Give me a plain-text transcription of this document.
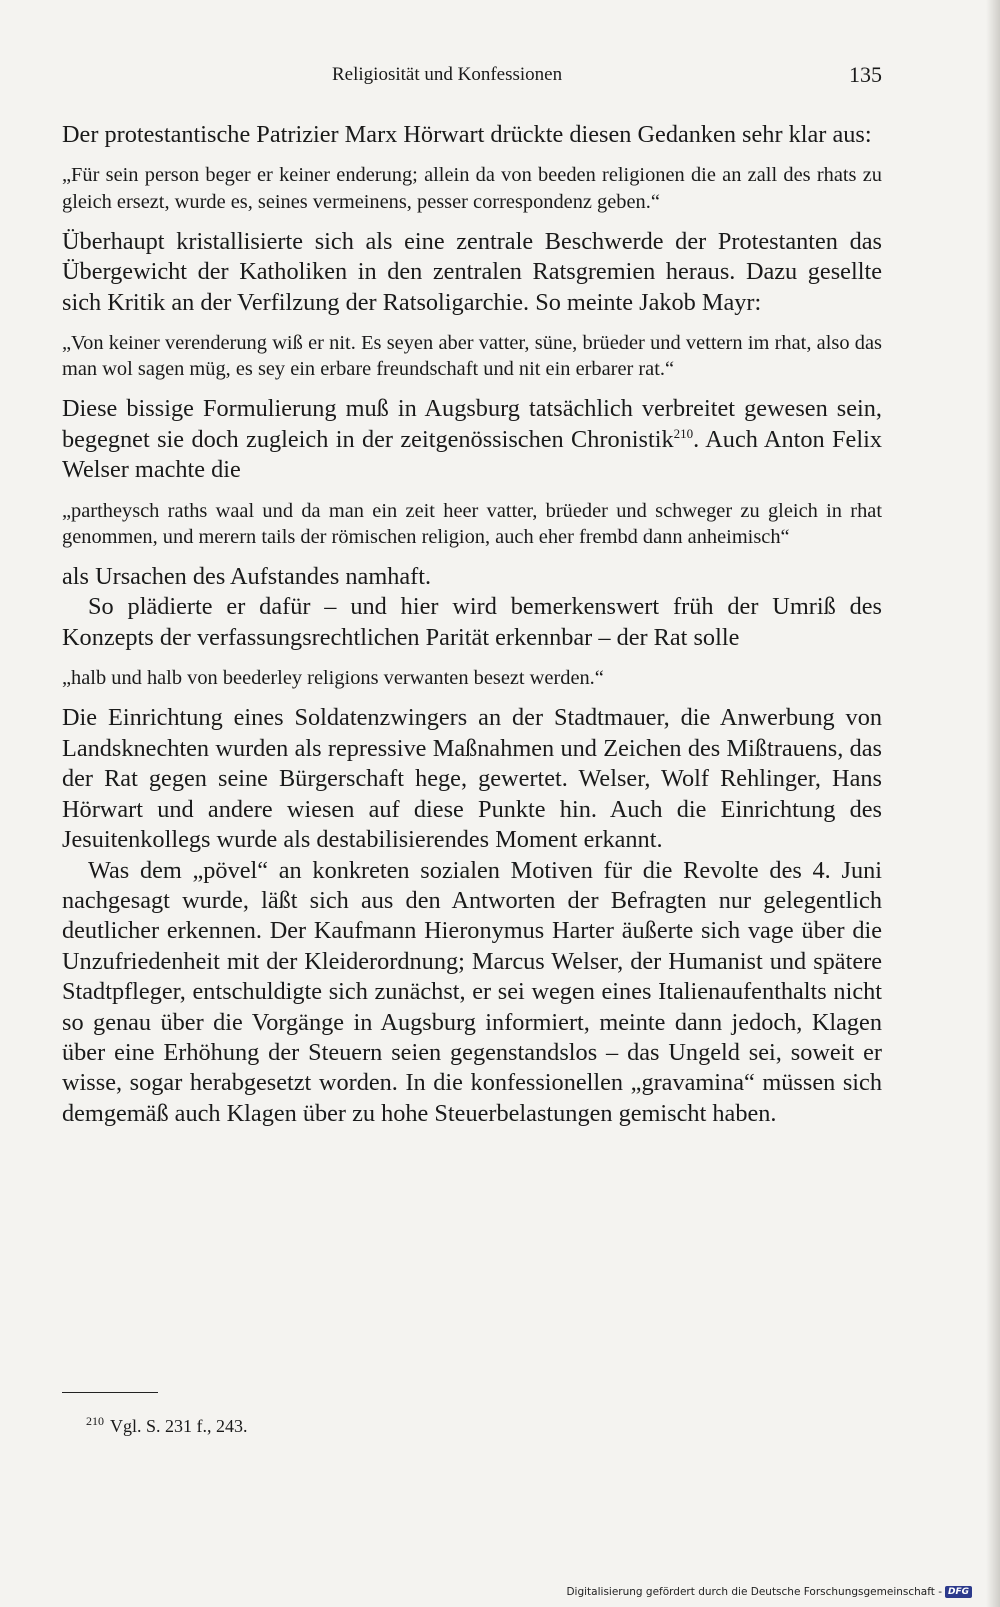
Religiosität und Konfessionen	135

Der protestantische Patrizier Marx Hörwart drückte diesen Gedanken sehr klar aus:

„Für sein person beger er keiner enderung; allein da von beeden religionen die an zall des rhats zu gleich ersezt, wurde es, seines vermeinens, pesser correspondenz geben.“

Überhaupt kristallisierte sich als eine zentrale Beschwerde der Protestanten das Übergewicht der Katholiken in den zentralen Ratsgremien heraus. Dazu gesellte sich Kritik an der Verfilzung der Ratsoligarchie. So meinte Jakob Mayr:

„Von keiner verenderung wiß er nit. Es seyen aber vatter, süne, brüeder und vettern im rhat, also das man wol sagen müg, es sey ein erbare freundschaft und nit ein erbarer rat.“

Diese bissige Formulierung muß in Augsburg tatsächlich verbreitet gewesen sein, begegnet sie doch zugleich in der zeitgenössischen Chronistik$^{210}$. Auch Anton Felix Welser machte die

„partheysch raths waal und da man ein zeit heer vatter, brüeder und schweger zu gleich in rhat genommen, und merern tails der römischen religion, auch eher frembd dann anheimisch“

als Ursachen des Aufstandes namhaft.

So plädierte er dafür – und hier wird bemerkenswert früh der Umriß des Konzepts der verfassungsrechtlichen Parität erkennbar – der Rat solle

„halb und halb von beederley religions verwanten besezt werden.“

Die Einrichtung eines Soldatenzwingers an der Stadtmauer, die Anwerbung von Landsknechten wurden als repressive Maßnahmen und Zeichen des Mißtrauens, das der Rat gegen seine Bürgerschaft hege, gewertet. Welser, Wolf Rehlinger, Hans Hörwart und andere wiesen auf diese Punkte hin. Auch die Einrichtung des Jesuitenkollegs wurde als destabilisierendes Moment erkannt.

Was dem „pövel“ an konkreten sozialen Motiven für die Revolte des 4. Juni nachgesagt wurde, läßt sich aus den Antworten der Befragten nur gelegentlich deutlicher erkennen. Der Kaufmann Hieronymus Harter äußerte sich vage über die Unzufriedenheit mit der Kleiderordnung; Marcus Welser, der Humanist und spätere Stadtpfleger, entschuldigte sich zunächst, er sei wegen eines Italienaufenthalts nicht so genau über die Vorgänge in Augsburg informiert, meinte dann jedoch, Klagen über eine Erhöhung der Steuern seien gegenstandslos – das Ungeld sei, soweit er wisse, sogar herabgesetzt worden. In die konfessionellen „gravamina“ müssen sich demgemäß auch Klagen über zu hohe Steuerbelastungen gemischt haben.

$^{210}$ Vgl. S. 231 f., 243.
Digitalisierung gefördert durch die Deutsche Forschungsgemeinschaft - DFG
